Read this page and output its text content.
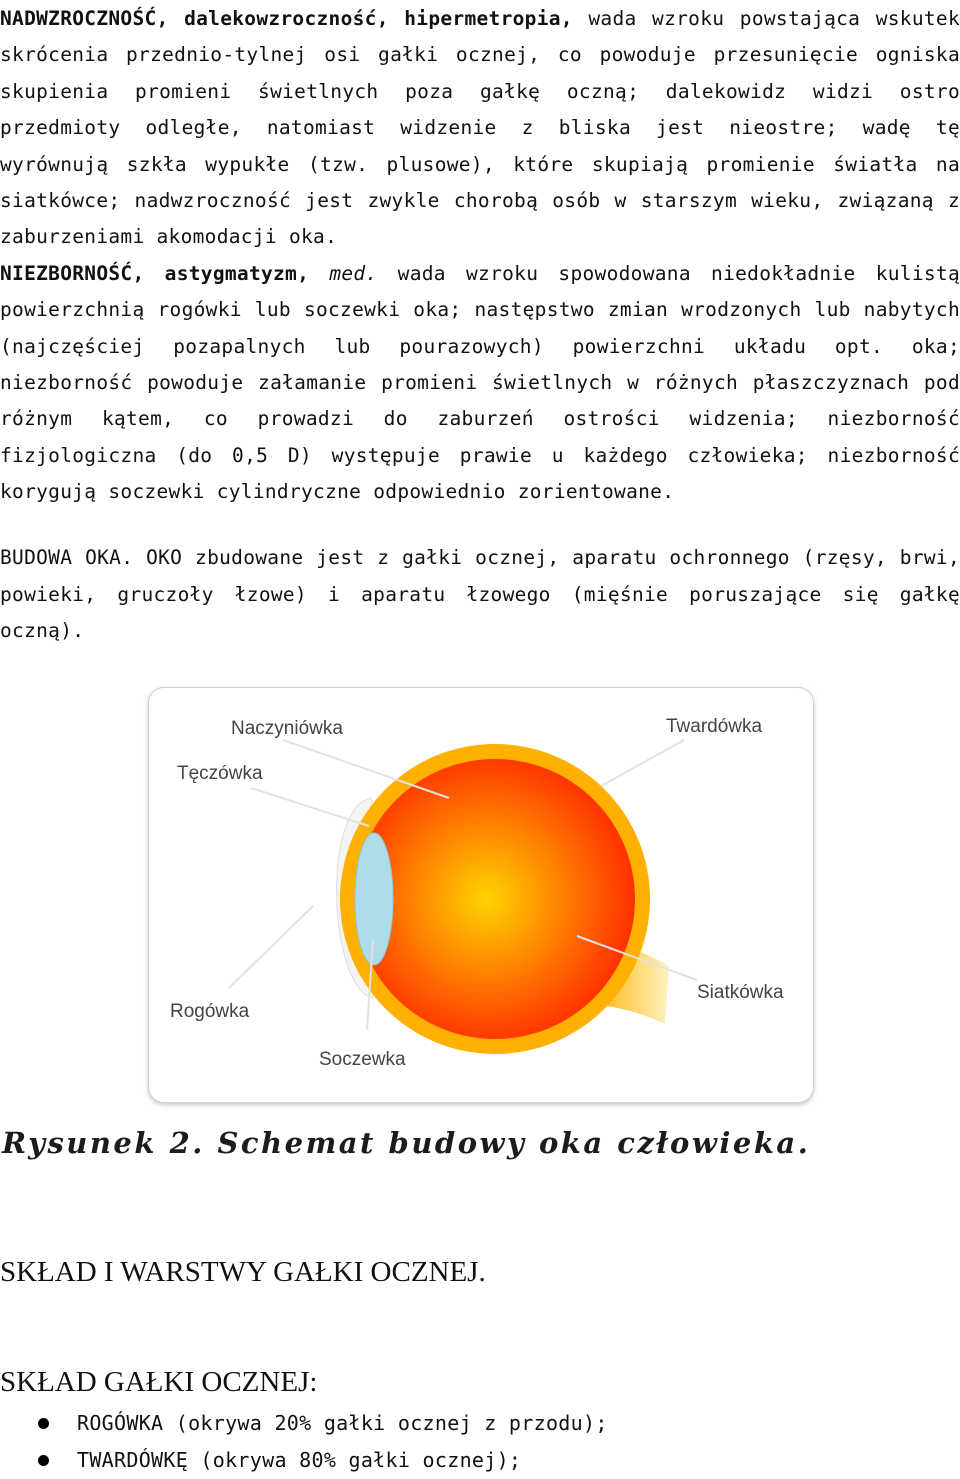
NADWZROCZNOŚĆ, dalekowzroczność, hipermetropia, wada wzroku powstająca wskutek skrócenia przednio-tylnej osi gałki ocznej, co powoduje przesunięcie ogniska skupienia promieni świetlnych poza gałkę oczną; dalekowidz widzi ostro przedmioty odległe, natomiast widzenie z bliska jest nieostre; wadę tę wyrównują szkła wypukłe (tzw. plusowe), które skupiają promienie światła na siatkówce; nadwzroczność jest zwykle chorobą osób w starszym wieku, związaną z zaburzeniami akomodacji oka.
NIEZBORNOŚĆ, astygmatyzm, med. wada wzroku spowodowana niedokładnie kulistą powierzchnią rogówki lub soczewki oka; następstwo zmian wrodzonych lub nabytych (najczęściej pozapalnych lub pourazowych) powierzchni układu opt. oka; niezborność powoduje załamanie promieni świetlnych w różnych płaszczyznach pod różnym kątem, co prowadzi do zaburzeń ostrości widzenia; niezborność fizjologiczna (do 0,5 D) występuje prawie u każdego człowieka; niezborność korygują soczewki cylindryczne odpowiednio zorientowane.
BUDOWA OKA. OKO zbudowane jest z gałki ocznej, aparatu ochronnego (rzęsy, brwi, powieki, gruczoły łzowe) i aparatu łzowego (mięśnie poruszające się gałkę oczną).
Naczyniówka
Tęczówka
Twardówka
Rogówka
Siatkówka
Soczewka
Rysunek 2. Schemat budowy oka człowieka.
SKŁAD I WARSTWY GAŁKI OCZNEJ.
SKŁAD GAŁKI OCZNEJ:
ROGÓWKA (okrywa 20% gałki ocznej z przodu);
TWARDÓWKĘ (okrywa 80% gałki ocznej);
